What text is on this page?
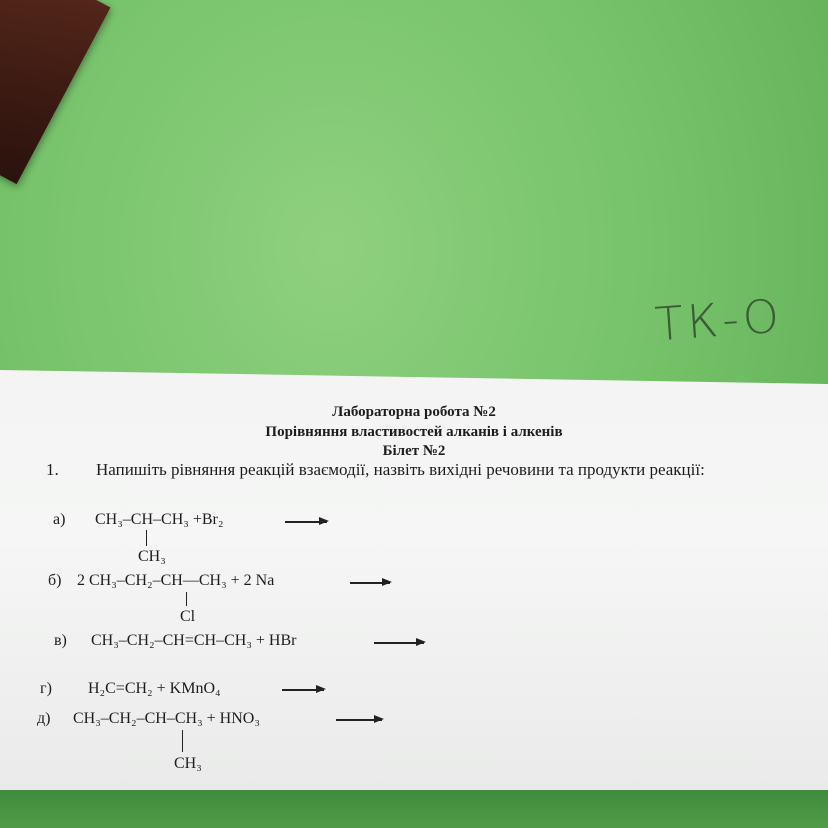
ТК-О
Лабораторна робота №2
Порівняння властивостей алканів і алкенів
Білет №2
1. Напишіть рівняння реакцій взаємодії, назвіть вихідні речовини та продукти реакції:
а) CH₃–CH–CH₃ +Br₂
CH₃
б) 2 CH₃–CH₂–CH—CH₃ + 2 Na
Cl
в) CH₃–CH₂–CH=CH–CH₃ + HBr
г) H₂C=CH₂ + KMnO₄
д) CH₃–CH₂–CH–CH₃ + HNO₃
CH₃
